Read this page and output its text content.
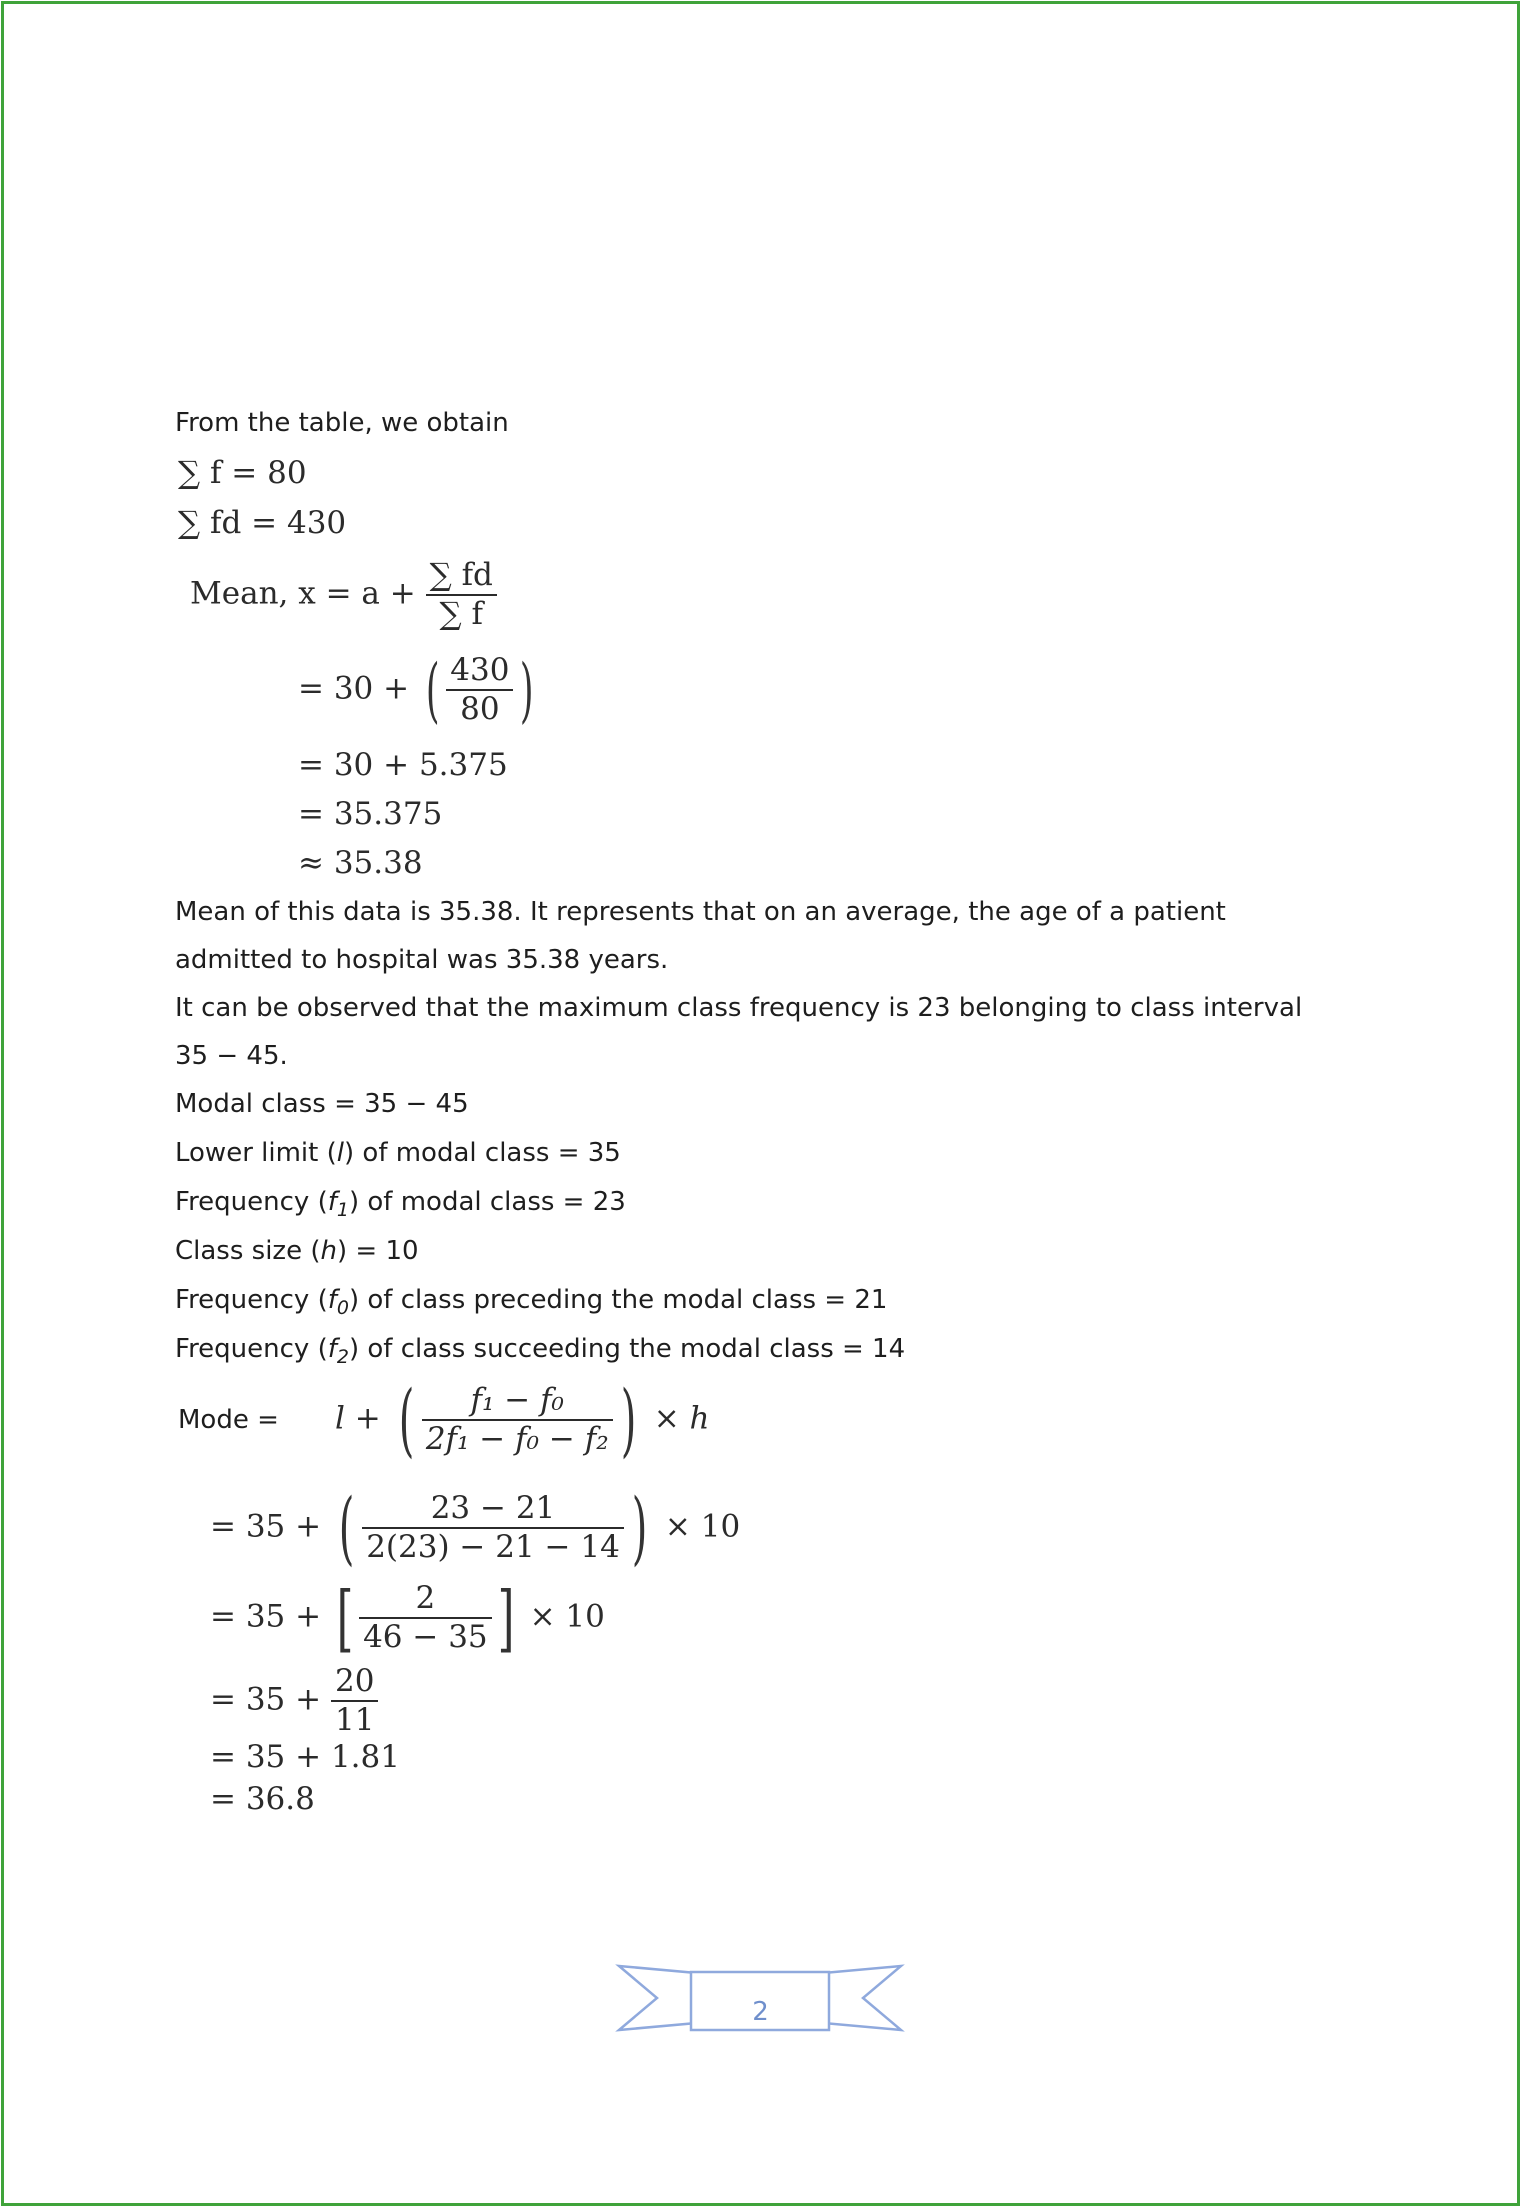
From the table, we obtain
∑ f = 80
∑ fd = 430
Mean, $x = a + \frac{\sum fd}{\sum f}$
= 30 + ( $\frac{430}{80}$ )
= 30 + 5.375
= 35.375
≈ 35.38
Mean of this data is 35.38. It represents that on an average, the age of a patient
admitted to hospital was 35.38 years.
It can be observed that the maximum class frequency is 23 belonging to class interval
35 − 45.
Modal class = 35 − 45
Lower limit (l) of modal class = 35
Frequency $(f_1)$ of modal class = 23
Class size (h) = 10
Frequency $(f_0)$ of class preceding the modal class = 21
Frequency $(f_2)$ of class succeeding the modal class = 14
Mode = l + ( $\frac{\text{f₁ − f₀}}{\text{2f₁ − f₀ − f₂}}$ ) × h
= 35 + ( $\frac{23 - 21}{2(23) - 21 - 14}$ ) × 10
= 35 + [ $\frac{2}{46 - 35}$ ] × 10
= $35 + \frac{20}{11}$
= 35 + 1.81
= 36.8
2
